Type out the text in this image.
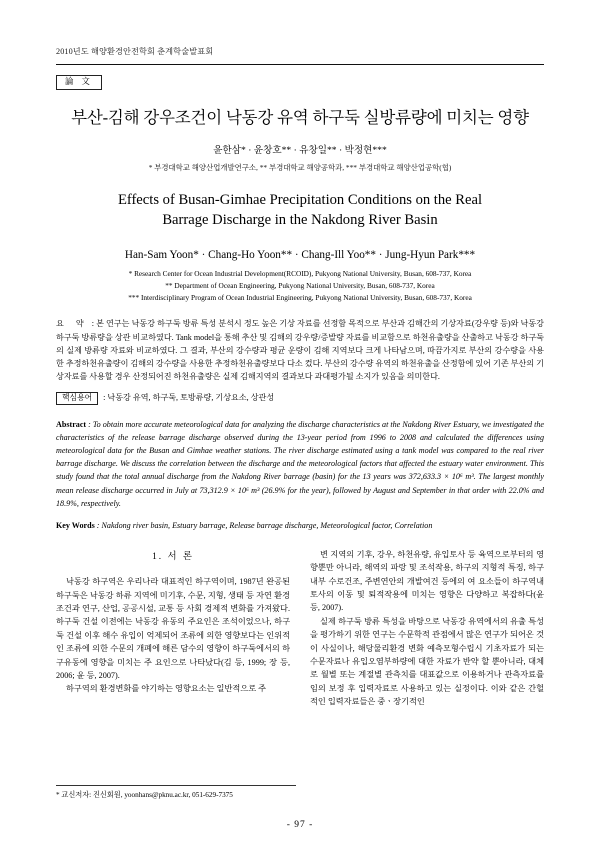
2010년도 해양환경안전학회 춘계학술발표회
論 文
부산-김해 강우조건이 낙동강 유역 하구둑 실방류량에 미치는 영향
윤한삼* · 윤창호** · 유창일** · 박정현***
* 부경대학교 해양산업개발연구소, ** 부경대학교 해양공학과, *** 부경대학교 해양산업공학(협)
Effects of Busan-Gimhae Precipitation Conditions on the Real
Barrage Discharge in the Nakdong River Basin
Han-Sam Yoon* · Chang-Ho Yoon** · Chang-Ill Yoo** · Jung-Hyun Park***
* Research Center for Ocean Industrial Development(RCOID), Pukyong National University, Busan, 608-737, Korea
** Department of Ocean Engineering, Pukyong National University, Busan, 608-737, Korea
*** Interdisciplinary Program of Ocean Industrial Engineering, Pukyong National University, Busan, 608-737, Korea
요 약 : 본 연구는 낙동강 하구둑 방류 특성 분석시 정도 높은 기상 자료를 선정함 목적으로 부산과 김해간의 기상자료(강우량 등)와 낙동강 하구둑 방류량을 상관 비교하였다. Tank model을 통해 추산 및 김해의 강우량/증발량 자료를 비교함으로 하천유출량을 산출하고 낙동강 하구둑의 실제 방류량 자료와 비교하였다. 그 결과, 부산의 강수량과 평균 운량이 김해 지역보다 크게 나타남으며, 따끔가지로 부산의 강수량을 사용한 추정하천유출량이 김해의 강수량을 사용한 추정하천유출량보다 다소 컸다. 부산의 강수량 유역의 하천유출을 산정함에 있어 기존 부산의 기상자료를 사용할 경우 산정되어진 하천유출량은 실제 김해지역의 결과보다 과대평가될 소지가 있음을 의미한다.
핵심용어 : 낙동강 유역, 하구둑, 토방류량, 기상요소, 상관성
Abstract : To obtain more accurate meteorological data for analyzing the discharge characteristics at the Nakdong River Estuary, we investigated the characteristics of the release barrage discharge observed during the 13-year period from 1996 to 2008 and calculated the differences using meteorological data for the Busan and Gimhae weather stations. The river discharge estimated using a tank model was compared to the real river barrage discharge. We discuss the correlation between the discharge and the meteorological factors that affected the estuary water environment. This study found that the total annual discharge from the Nakdong River barrage (basin) for the 13 years was 372,633.3 × 10⁶ m³. The largest monthly mean release discharge occurred in July at 73,312.9 × 10⁶ m³ (26.9% for the year), followed by August and September in that order with 22.0% and 18.9%, respectively.
Key Words : Nakdong river basin, Estuary barrage, Release barrage discharge, Meteorological factor, Correlation
1. 서 론

낙동강 하구역은 우리나라 대표적인 하구역이며, 1987년 완공된 하구둑은 낙동강 하류 지역에 미기후, 수문, 지형, 생태 등 자연 환경 조건과 연구, 산업, 공공시설, 교통 등 사회 경제적 변화를 가져왔다. 하구둑 건설 이전에는 낙동강 유동의 주요인은 조석이었으나, 하구둑 건설 이후 해수 유입이 억제되어 조류에 의한 영향보다는 인위적인 조류에 의한 수문의 개폐에 해른 담수의 영향이 하구둑에서의 하구유동에 영향을 미치는 주 요인으로 나타났다(김 등, 1999; 장 등, 2006; 윤 등, 2007).

하구역의 환경변화를 야기하는 영향요소는 일반적으로 주

변 지역의 기후, 강우, 하천유량, 유입토사 등 육역으로부터의 영향뿐만 아니라, 해역의 파랑 및 조석작용, 하구의 지형적 특징, 하구내부 수로건조, 주변연안의 개발여건 등에의 여 요소들이 하구역내 토사의 이동 및 퇴적작용에 미치는 영향은 다양하고 복잡하다(윤 등, 2007).

실제 하구둑 방류 특성을 바탕으로 낙동강 유역에서의 유출 특성을 평가하기 위한 연구는 수문학적 관점에서 많은 연구가 되어온 것이 사실이나, 해당물리환경 변화 예측모형수립시 기초자료가 되는 수문자료나 유입오염부하량에 대한 자료가 반약 할 뿐아니라, 대체로 월별 또는 계절별 관측치를 대표값으로 이용하거나 관측자료를 임의 보정 후 입력자료로 사용하고 있는 실정이다. 이와 같은 간헐적인 입력자료들은 중ㆍ장기적인

* 교신저자: 진신회원, yoonhans@pknu.ac.kr, 051-629-7375
- 97 -
